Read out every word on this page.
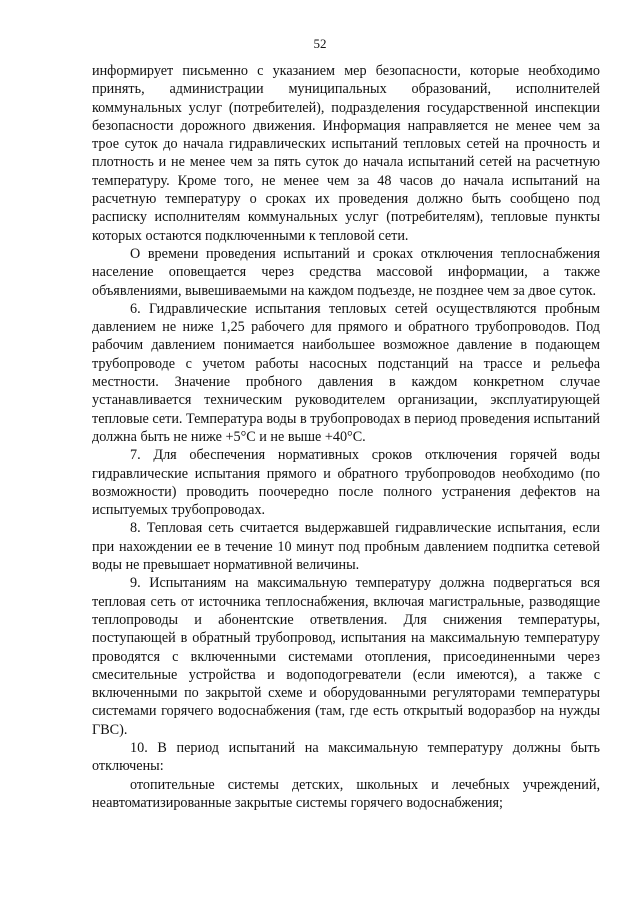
52

информирует письменно с указанием мер безопасности, которые необходимо принять, администрации муниципальных образований, исполнителей коммунальных услуг (потребителей), подразделения государственной инспекции безопасности дорожного движения. Информация направляется не менее чем за трое суток до начала гидравлических испытаний тепловых сетей на прочность и плотность и не менее чем за пять суток до начала испытаний сетей на расчетную температуру. Кроме того, не менее чем за 48 часов до начала испытаний на расчетную температуру о сроках их проведения должно быть сообщено под расписку исполнителям коммунальных услуг (потребителям), тепловые пункты которых остаются подключенными к тепловой сети.

О времени проведения испытаний и сроках отключения теплоснабжения население оповещается через средства массовой информации, а также объявлениями, вывешиваемыми на каждом подъезде, не позднее чем за двое суток.

6. Гидравлические испытания тепловых сетей осуществляются пробным давлением не ниже 1,25 рабочего для прямого и обратного трубопроводов. Под рабочим давлением понимается наибольшее возможное давление в подающем трубопроводе с учетом работы насосных подстанций на трассе и рельефа местности. Значение пробного давления в каждом конкретном случае устанавливается техническим руководителем организации, эксплуатирующей тепловые сети. Температура воды в трубопроводах в период проведения испытаний должна быть не ниже +5°С и не выше +40°С.

7. Для обеспечения нормативных сроков отключения горячей воды гидравлические испытания прямого и обратного трубопроводов необходимо (по возможности) проводить поочередно после полного устранения дефектов на испытуемых трубопроводах.

8. Тепловая сеть считается выдержавшей гидравлические испытания, если при нахождении ее в течение 10 минут под пробным давлением подпитка сетевой воды не превышает нормативной величины.

9. Испытаниям на максимальную температуру должна подвергаться вся тепловая сеть от источника теплоснабжения, включая магистральные, разводящие теплопроводы и абонентские ответвления. Для снижения температуры, поступающей в обратный трубопровод, испытания на максимальную температуру проводятся с включенными системами отопления, присоединенными через смесительные устройства и водоподогреватели (если имеются), а также с включенными по закрытой схеме и оборудованными регуляторами температуры системами горячего водоснабжения (там, где есть открытый водоразбор на нужды ГВС).

10. В период испытаний на максимальную температуру должны быть отключены:

отопительные системы детских, школьных и лечебных учреждений, неавтоматизированные закрытые системы горячего водоснабжения;
